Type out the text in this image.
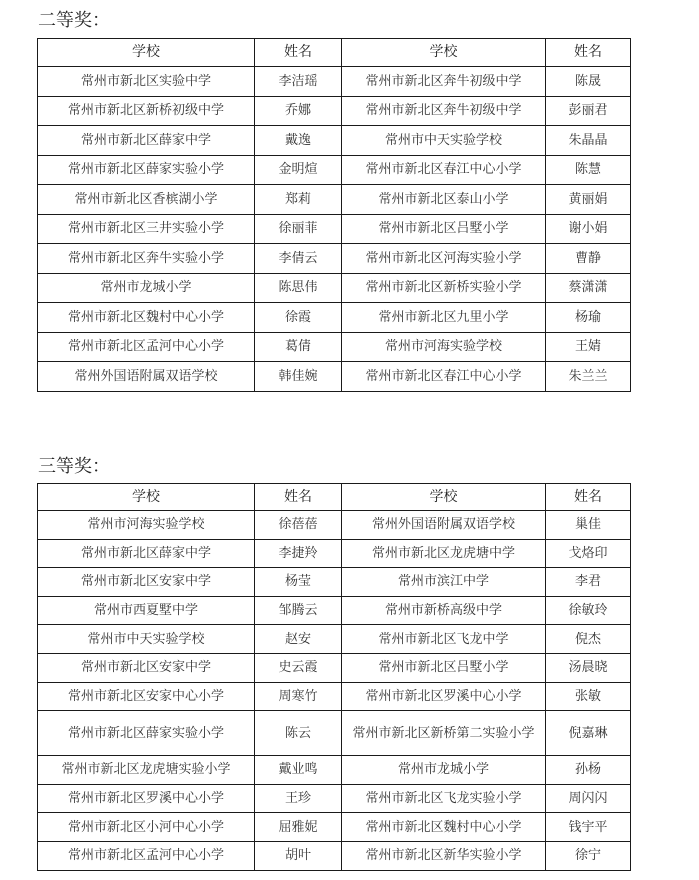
二等奖：
学校	姓名	学校	姓名
常州市新北区实验中学	李洁瑶	常州市新北区奔牛初级中学	陈晟
常州市新北区新桥初级中学	乔娜	常州市新北区奔牛初级中学	彭丽君
常州市新北区薛家中学	戴逸	常州市中天实验学校	朱晶晶
常州市新北区薛家实验小学	金明煊	常州市新北区春江中心小学	陈慧
常州市新北区香槟湖小学	郑莉	常州市新北区泰山小学	黄丽娟
常州市新北区三井实验小学	徐丽菲	常州市新北区吕墅小学	谢小娟
常州市新北区奔牛实验小学	李倩云	常州市新北区河海实验小学	曹静
常州市龙城小学	陈思伟	常州市新北区新桥实验小学	蔡潇潇
常州市新北区魏村中心小学	徐霞	常州市新北区九里小学	杨瑜
常州市新北区孟河中心小学	葛倩	常州市河海实验学校	王婧
常州外国语附属双语学校	韩佳婉	常州市新北区春江中心小学	朱兰兰
三等奖：
学校	姓名	学校	姓名
常州市河海实验学校	徐蓓蓓	常州外国语附属双语学校	巢佳
常州市新北区薛家中学	李捷羚	常州市新北区龙虎塘中学	戈烙印
常州市新北区安家中学	杨莹	常州市滨江中学	李君
常州市西夏墅中学	邹腾云	常州市新桥高级中学	徐敏玲
常州市中天实验学校	赵安	常州市新北区飞龙中学	倪杰
常州市新北区安家中学	史云霞	常州市新北区吕墅小学	汤晨晓
常州市新北区安家中心小学	周寒竹	常州市新北区罗溪中心小学	张敏
常州市新北区薛家实验小学	陈云	常州市新北区新桥第二实验小学	倪嘉琳
常州市新北区龙虎塘实验小学	戴业鸣	常州市龙城小学	孙杨
常州市新北区罗溪中心小学	王珍	常州市新北区飞龙实验小学	周闪闪
常州市新北区小河中心小学	屈雅妮	常州市新北区魏村中心小学	钱宇平
常州市新北区孟河中心小学	胡叶	常州市新北区新华实验小学	徐宁
